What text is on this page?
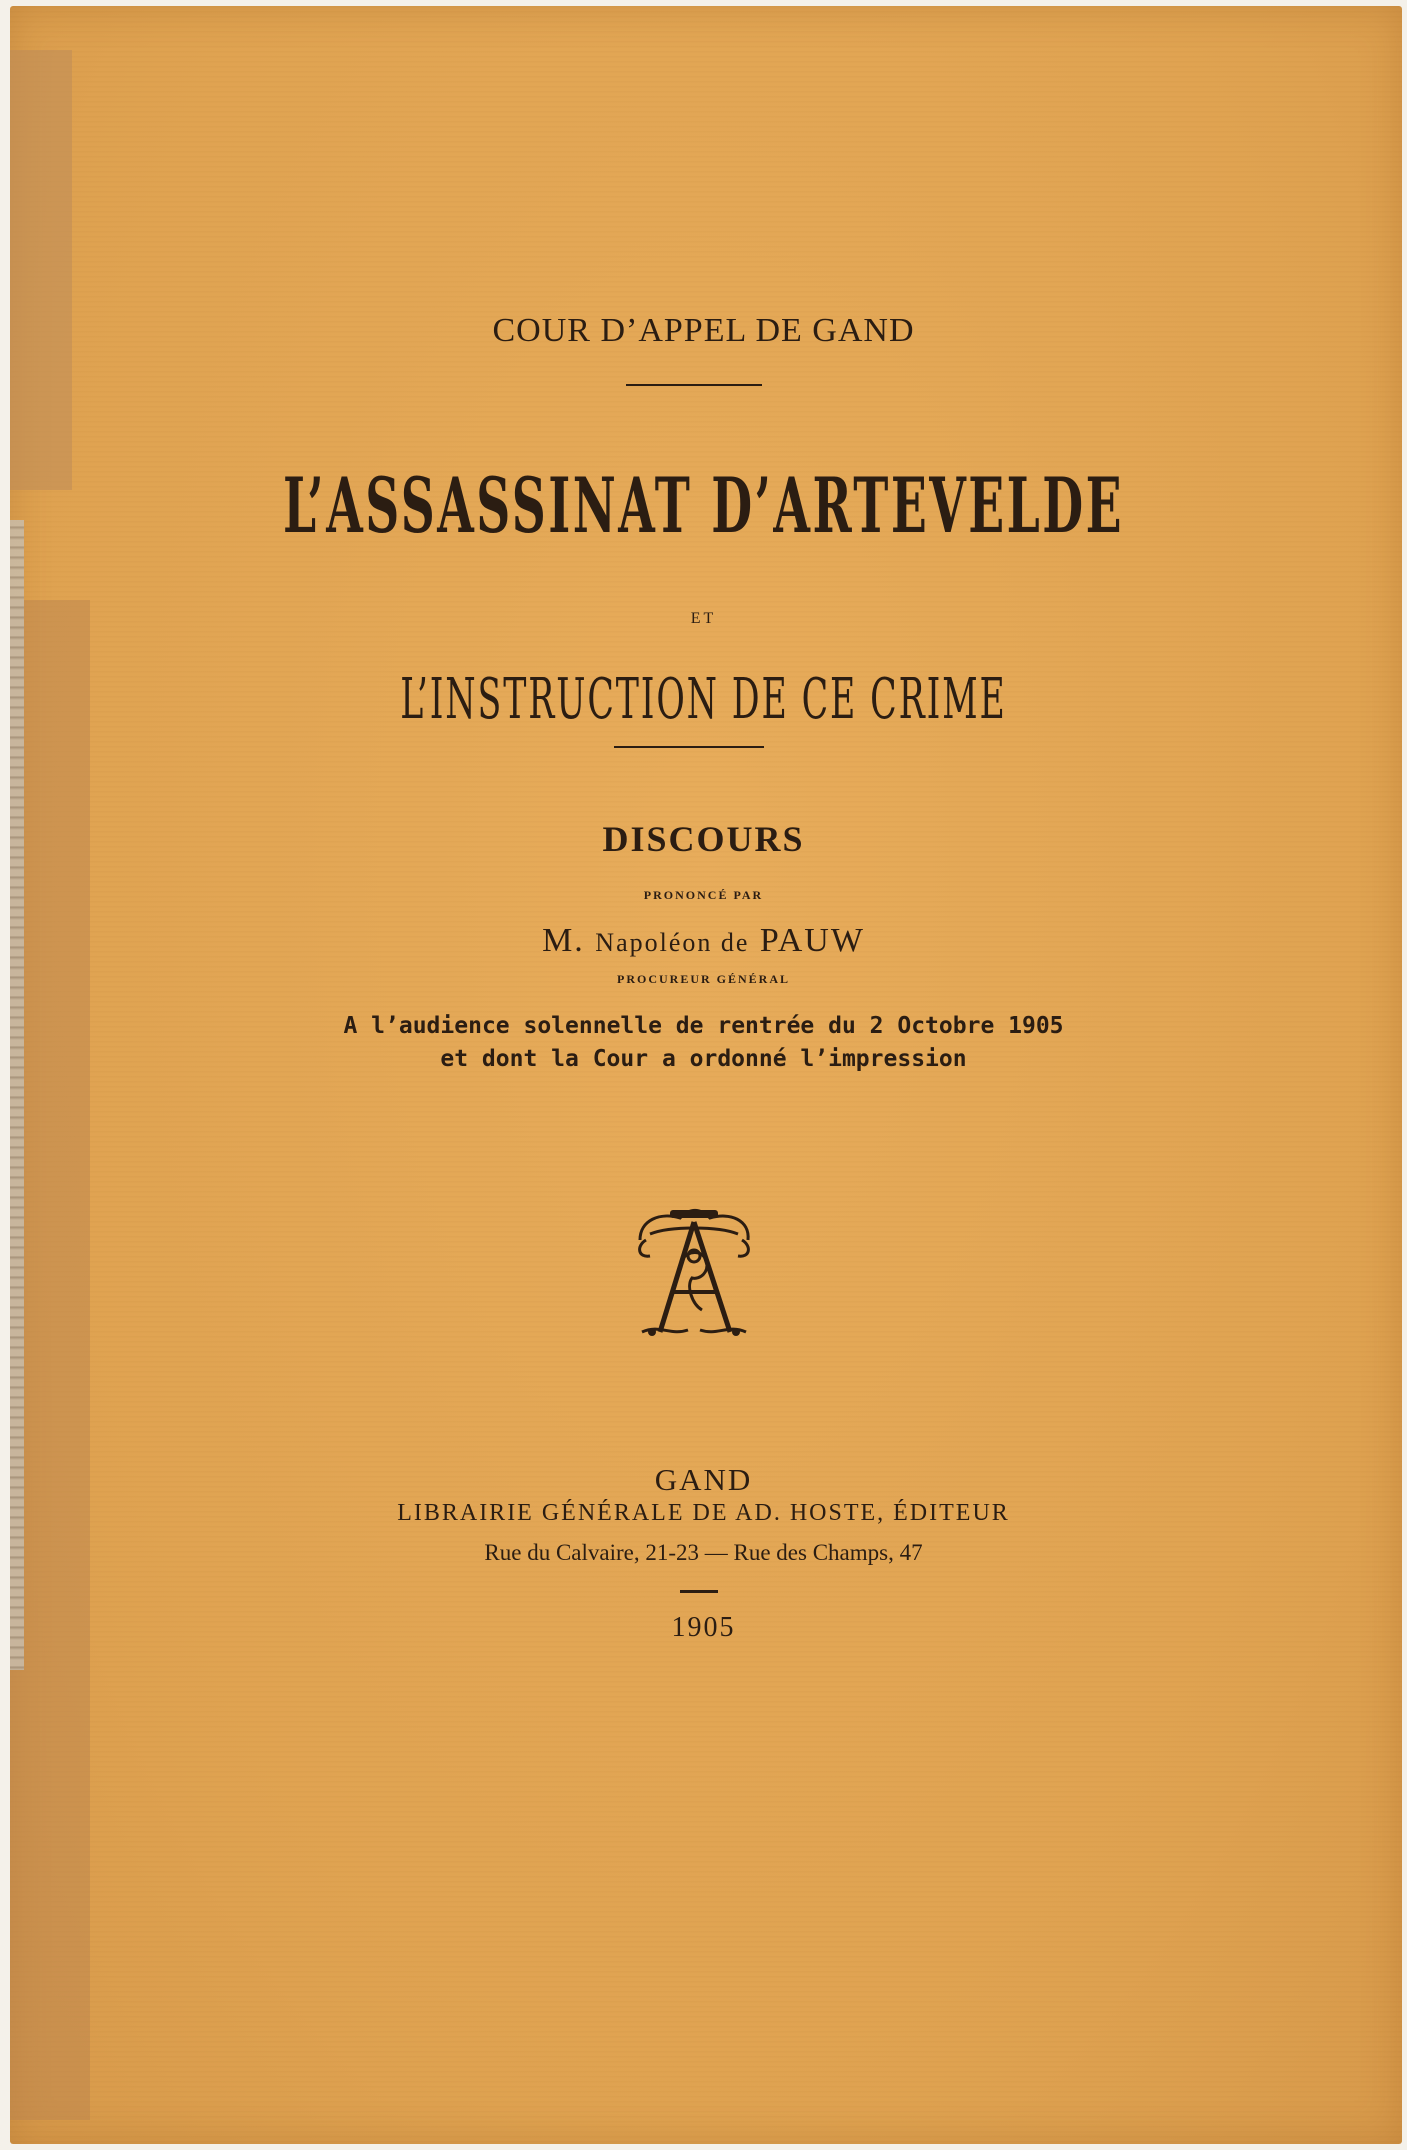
COUR D’APPEL DE GAND
L’ASSASSINAT D’ARTEVELDE
ET
L’INSTRUCTION DE CE CRIME
DISCOURS
PRONONCÉ PAR
M. Napoléon de PAUW
PROCUREUR GÉNÉRAL
A l’audience solennelle de rentrée du 2 Octobre 1905
et dont la Cour a ordonné l’impression
GAND
LIBRAIRIE GÉNÉRALE DE AD. HOSTE, ÉDITEUR
Rue du Calvaire, 21-23 — Rue des Champs, 47
1905
